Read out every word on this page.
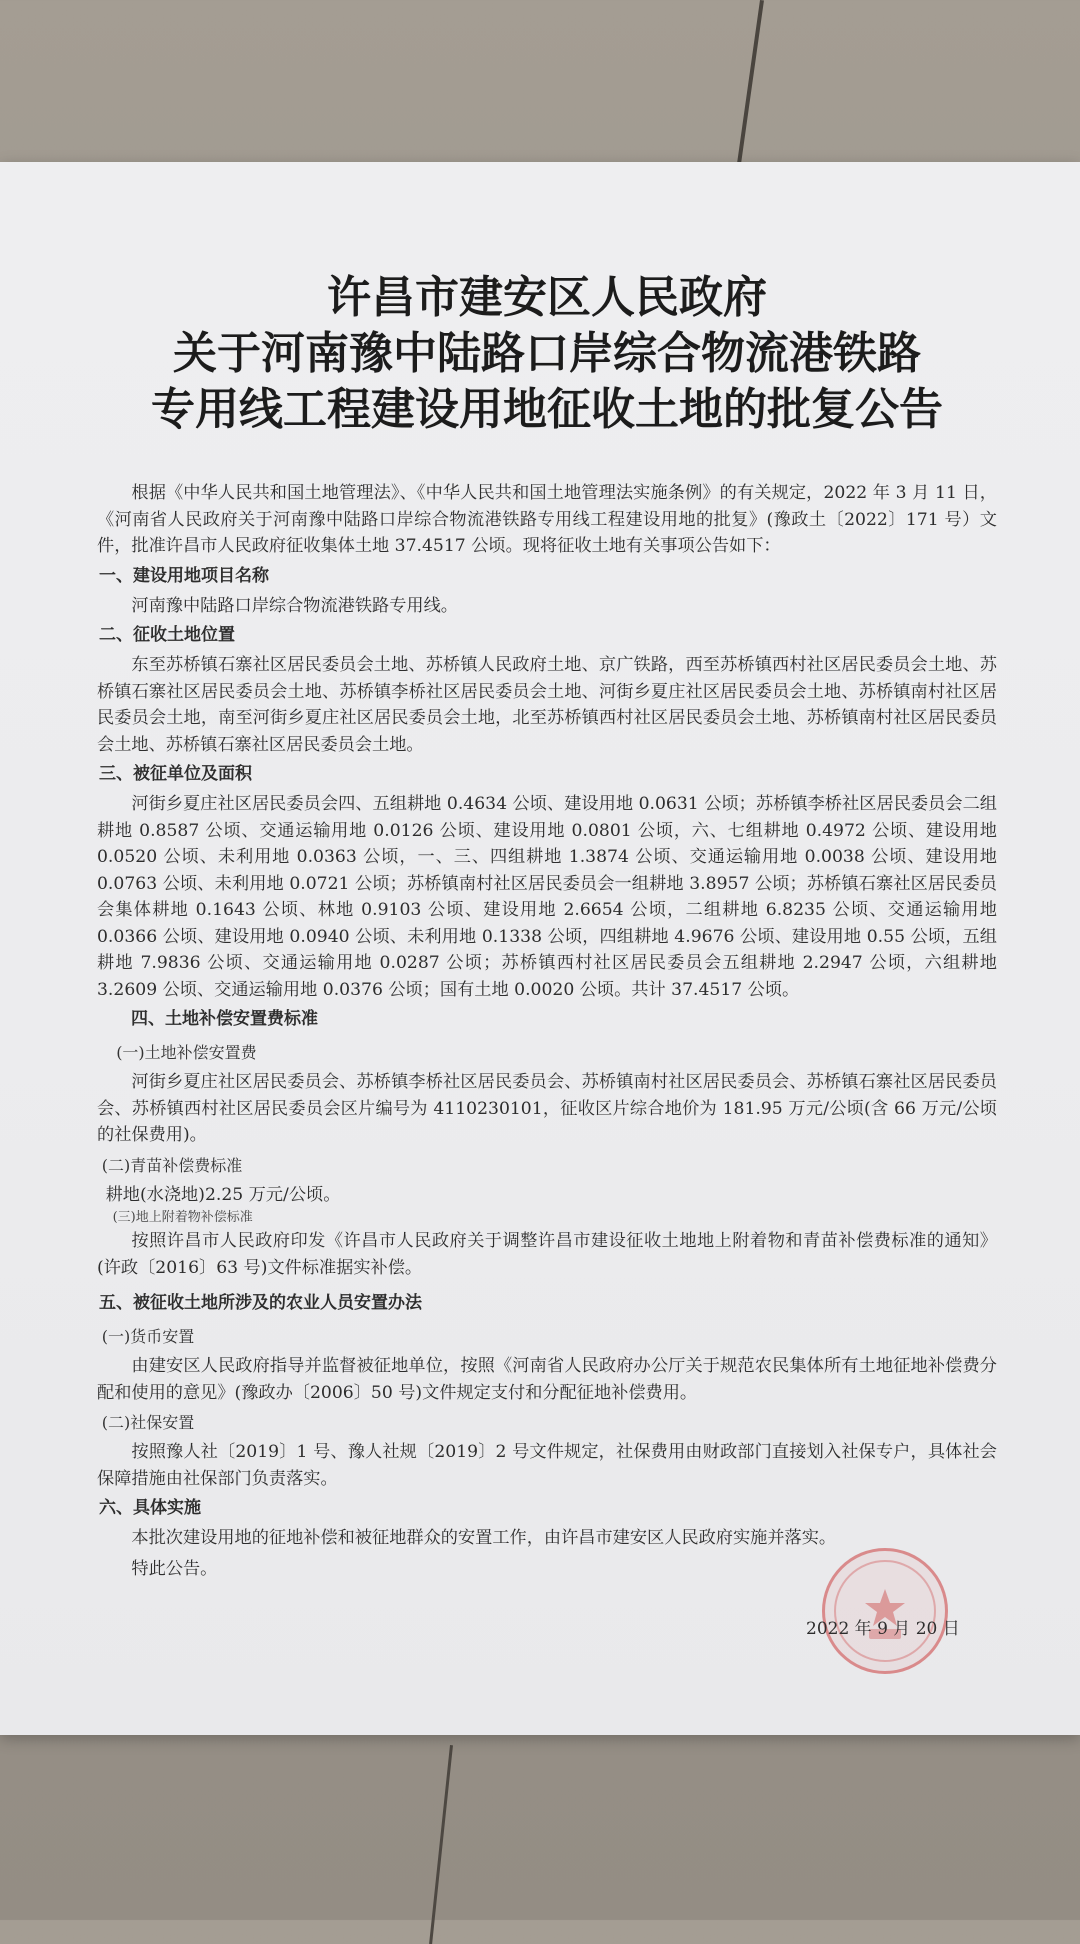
许昌市建安区人民政府
关于河南豫中陆路口岸综合物流港铁路
专用线工程建设用地征收土地的批复公告

根据《中华人民共和国土地管理法》、《中华人民共和国土地管理法实施条例》的有关规定，2022 年 3 月 11 日，《河南省人民政府关于河南豫中陆路口岸综合物流港铁路专用线工程建设用地的批复》(豫政土〔2022〕171 号）文件，批准许昌市人民政府征收集体土地 37.4517 公顷。现将征收土地有关事项公告如下：

一、建设用地项目名称

河南豫中陆路口岸综合物流港铁路专用线。

二、征收土地位置

东至苏桥镇石寨社区居民委员会土地、苏桥镇人民政府土地、京广铁路，西至苏桥镇西村社区居民委员会土地、苏桥镇石寨社区居民委员会土地、苏桥镇李桥社区居民委员会土地、河街乡夏庄社区居民委员会土地、苏桥镇南村社区居民委员会土地，南至河街乡夏庄社区居民委员会土地，北至苏桥镇西村社区居民委员会土地、苏桥镇南村社区居民委员会土地、苏桥镇石寨社区居民委员会土地。

三、被征单位及面积

河街乡夏庄社区居民委员会四、五组耕地 0.4634 公顷、建设用地 0.0631 公顷；苏桥镇李桥社区居民委员会二组耕地 0.8587 公顷、交通运输用地 0.0126 公顷、建设用地 0.0801 公顷，六、七组耕地 0.4972 公顷、建设用地 0.0520 公顷、未利用地 0.0363 公顷，一、三、四组耕地 1.3874 公顷、交通运输用地 0.0038 公顷、建设用地 0.0763 公顷、未利用地 0.0721 公顷；苏桥镇南村社区居民委员会一组耕地 3.8957 公顷；苏桥镇石寨社区居民委员会集体耕地 0.1643 公顷、林地 0.9103 公顷、建设用地 2.6654 公顷，二组耕地 6.8235 公顷、交通运输用地 0.0366 公顷、建设用地 0.0940 公顷、未利用地 0.1338 公顷，四组耕地 4.9676 公顷、建设用地 0.55 公顷，五组耕地 7.9836 公顷、交通运输用地 0.0287 公顷；苏桥镇西村社区居民委员会五组耕地 2.2947 公顷，六组耕地 3.2609 公顷、交通运输用地 0.0376 公顷；国有土地 0.0020 公顷。共计 37.4517 公顷。

四、土地补偿安置费标准

(一)土地补偿安置费

河街乡夏庄社区居民委员会、苏桥镇李桥社区居民委员会、苏桥镇南村社区居民委员会、苏桥镇石寨社区居民委员会、苏桥镇西村社区居民委员会区片编号为 4110230101，征收区片综合地价为 181.95 万元/公顷(含 66 万元/公顷的社保费用)。

(二)青苗补偿费标准

耕地(水浇地)2.25 万元/公顷。

(三)地上附着物补偿标准

按照许昌市人民政府印发《许昌市人民政府关于调整许昌市建设征收土地地上附着物和青苗补偿费标准的通知》(许政〔2016〕63 号)文件标准据实补偿。

五、被征收土地所涉及的农业人员安置办法

(一)货币安置

由建安区人民政府指导并监督被征地单位，按照《河南省人民政府办公厅关于规范农民集体所有土地征地补偿费分配和使用的意见》(豫政办〔2006〕50 号)文件规定支付和分配征地补偿费用。

(二)社保安置

按照豫人社〔2019〕1 号、豫人社规〔2019〕2 号文件规定，社保费用由财政部门直接划入社保专户，具体社会保障措施由社保部门负责落实。

六、具体实施

本批次建设用地的征地补偿和被征地群众的安置工作，由许昌市建安区人民政府实施并落实。

特此公告。

2022 年 9 月 20 日
